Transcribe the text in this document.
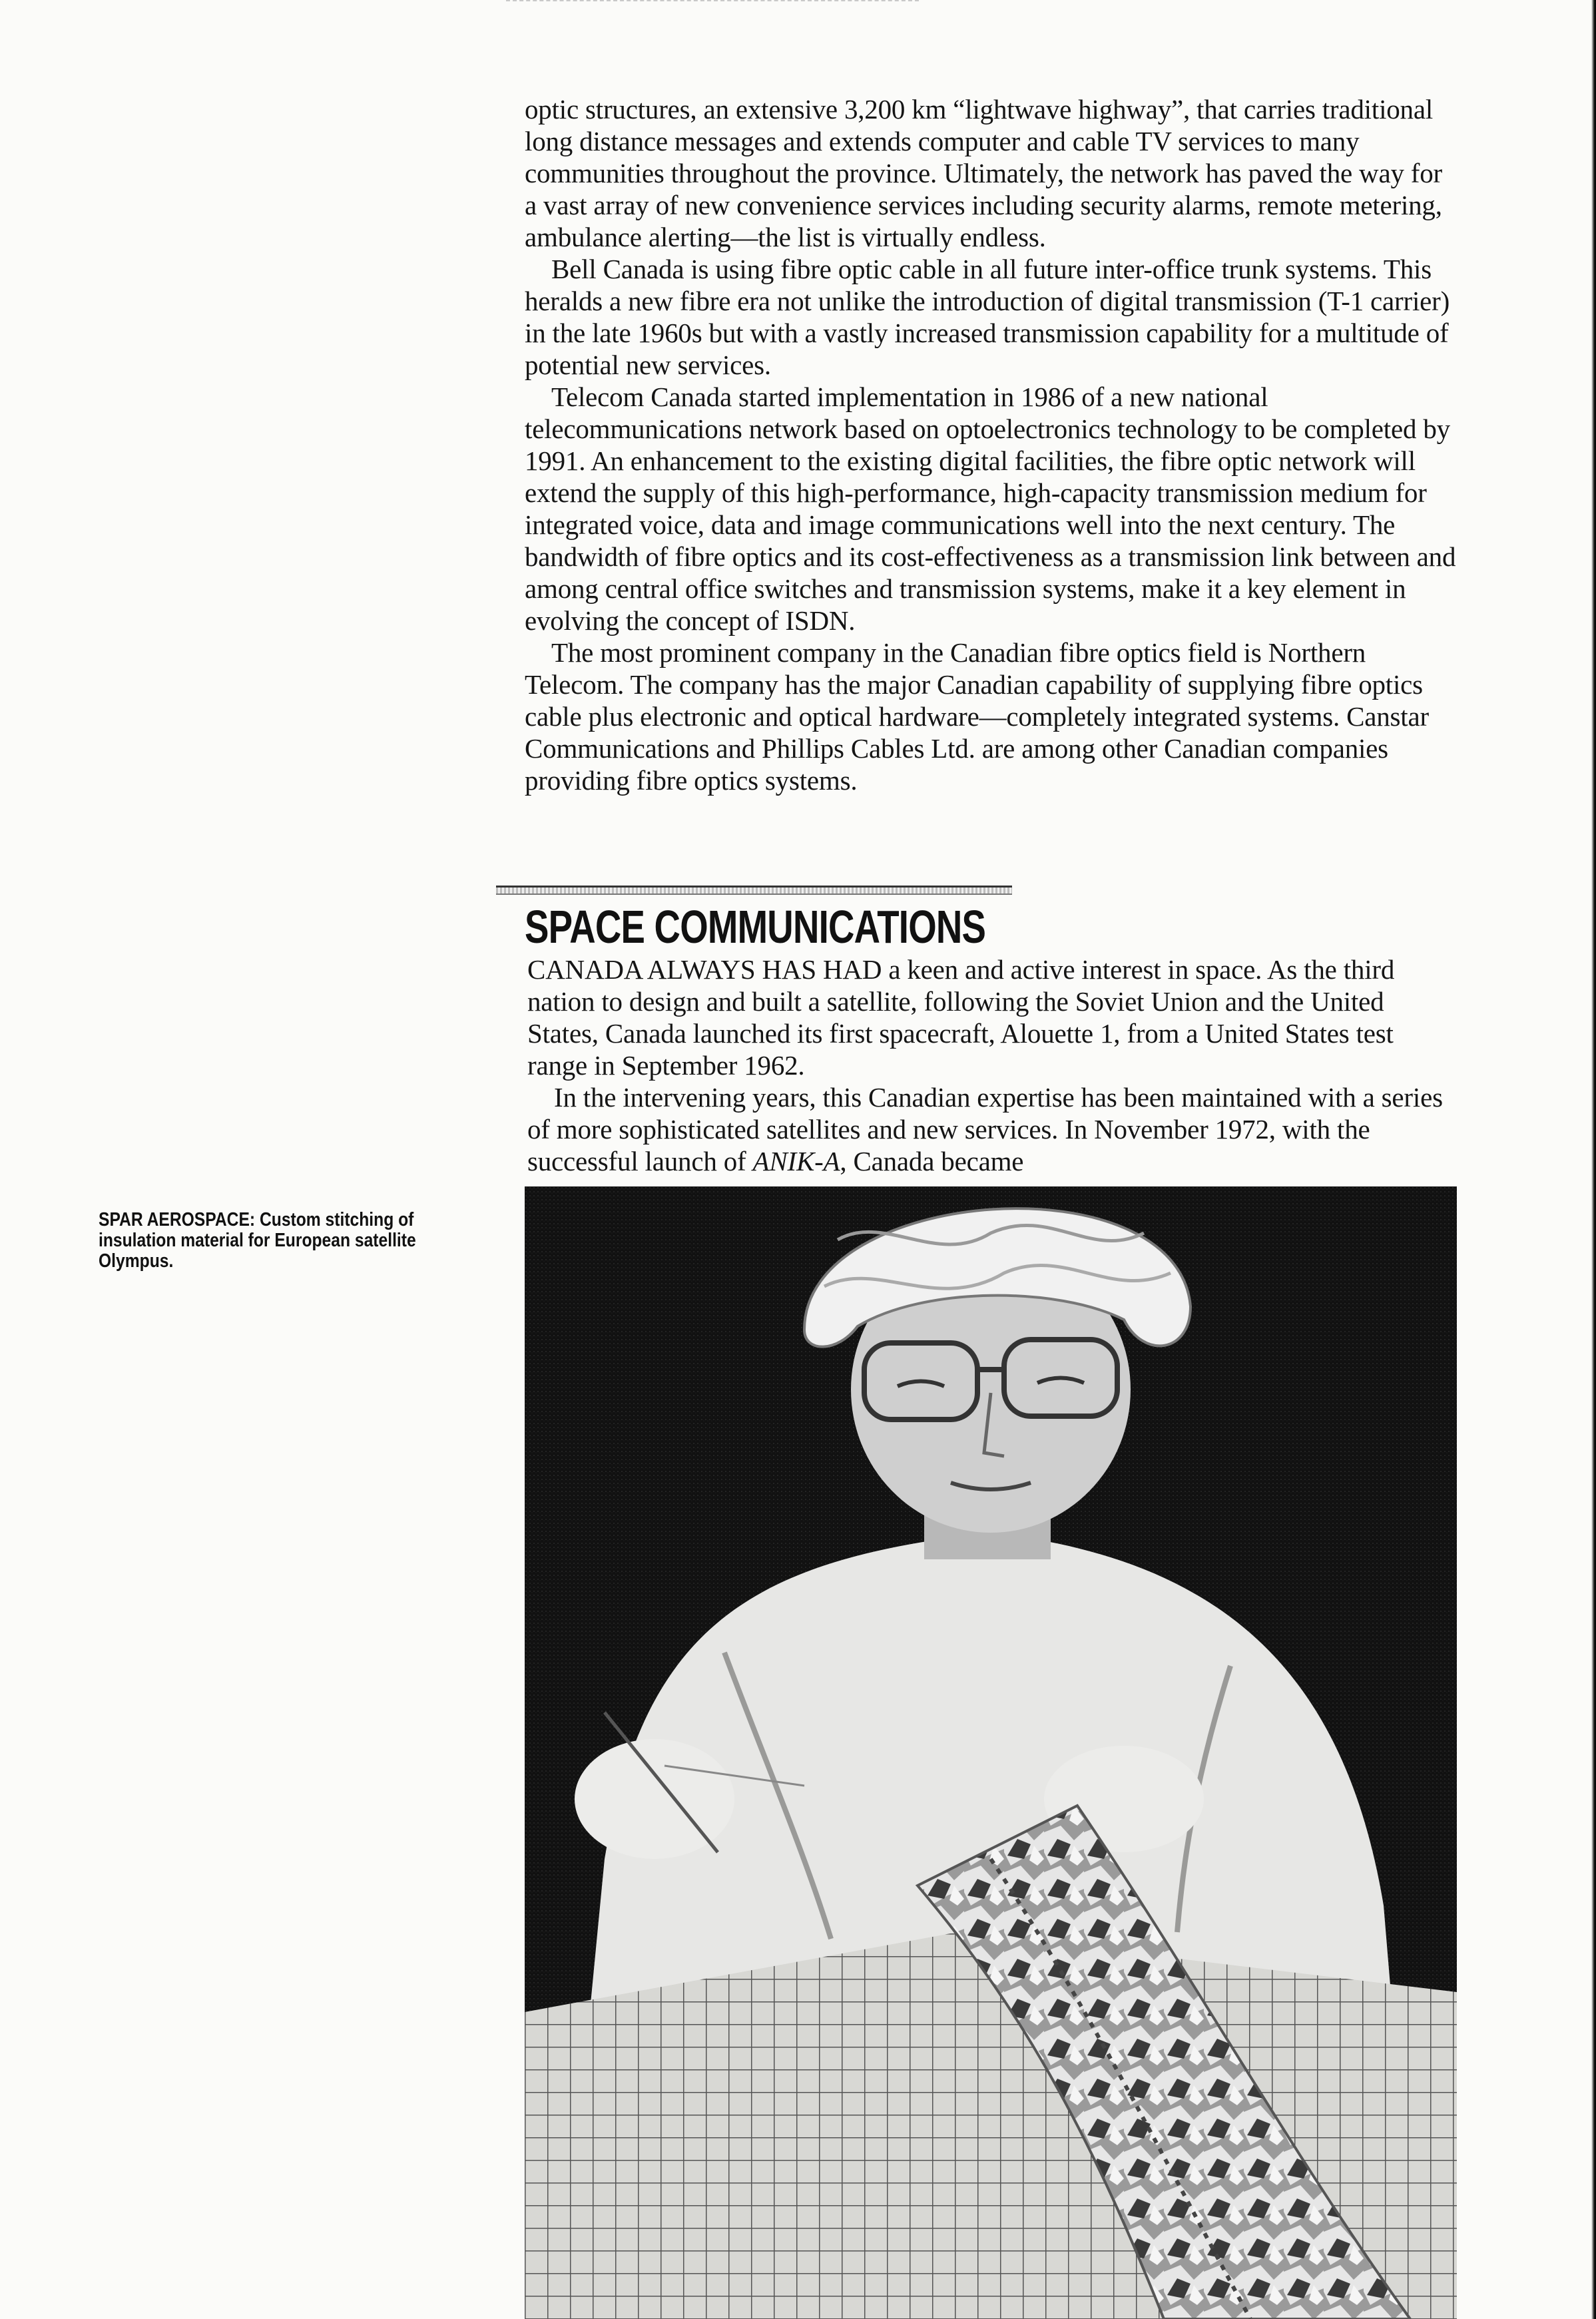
optic structures, an extensive 3,200 km “lightwave highway”, that carries traditional long distance messages and extends computer and cable TV services to many communities throughout the province. Ultimately, the network has paved the way for a vast array of new convenience services including security alarms, remote metering, ambulance alerting—the list is virtually endless.

Bell Canada is using fibre optic cable in all future inter-office trunk systems. This heralds a new fibre era not unlike the introduction of digital transmission (T-1 carrier) in the late 1960s but with a vastly increased transmission capability for a multitude of potential new services.

Telecom Canada started implementation in 1986 of a new national telecommunications network based on optoelectronics technology to be completed by 1991. An enhancement to the existing digital facilities, the fibre optic network will extend the supply of this high-performance, high-capacity transmission medium for integrated voice, data and image communications well into the next century. The bandwidth of fibre optics and its cost-effectiveness as a transmission link between and among central office switches and transmission systems, make it a key element in evolving the concept of ISDN.

The most prominent company in the Canadian fibre optics field is Northern Telecom. The company has the major Canadian capability of supplying fibre optics cable plus electronic and optical hardware—completely integrated systems. Canstar Communications and Phillips Cables Ltd. are among other Canadian companies providing fibre optics systems.

SPACE COMMUNICATIONS

CANADA ALWAYS HAS HAD a keen and active interest in space. As the third nation to design and built a satellite, following the Soviet Union and the United States, Canada launched its first spacecraft, Alouette 1, from a United States test range in September 1962.

In the intervening years, this Canadian expertise has been maintained with a series of more sophisticated satellites and new services. In November 1972, with the successful launch of ANIK-A, Canada became

SPAR AEROSPACE: Custom stitching of insulation material for European satellite Olympus.
